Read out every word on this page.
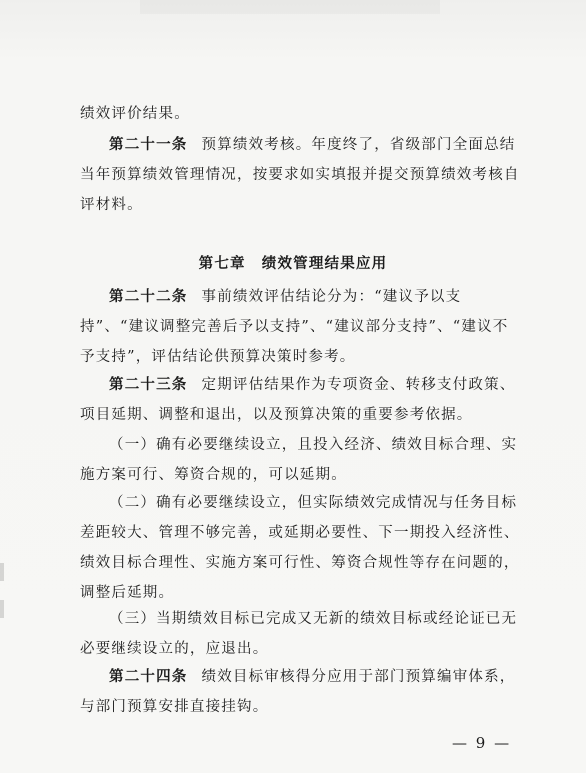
绩效评价结果。

第二十一条 预算绩效考核。年度终了，省级部门全面总结当年预算绩效管理情况，按要求如实填报并提交预算绩效考核自评材料。

第七章 绩效管理结果应用

第二十二条 事前绩效评估结论分为：“建议予以支持”、“建议调整完善后予以支持”、“建议部分支持”、“建议不予支持”，评估结论供预算决策时参考。

第二十三条 定期评估结果作为专项资金、转移支付政策、项目延期、调整和退出，以及预算决策的重要参考依据。

（一）确有必要继续设立，且投入经济、绩效目标合理、实施方案可行、筹资合规的，可以延期。

（二）确有必要继续设立，但实际绩效完成情况与任务目标差距较大、管理不够完善，或延期必要性、下一期投入经济性、绩效目标合理性、实施方案可行性、筹资合规性等存在问题的，调整后延期。

（三）当期绩效目标已完成又无新的绩效目标或经论证已无必要继续设立的，应退出。

第二十四条 绩效目标审核得分应用于部门预算编审体系，与部门预算安排直接挂钩。

— 9 —
